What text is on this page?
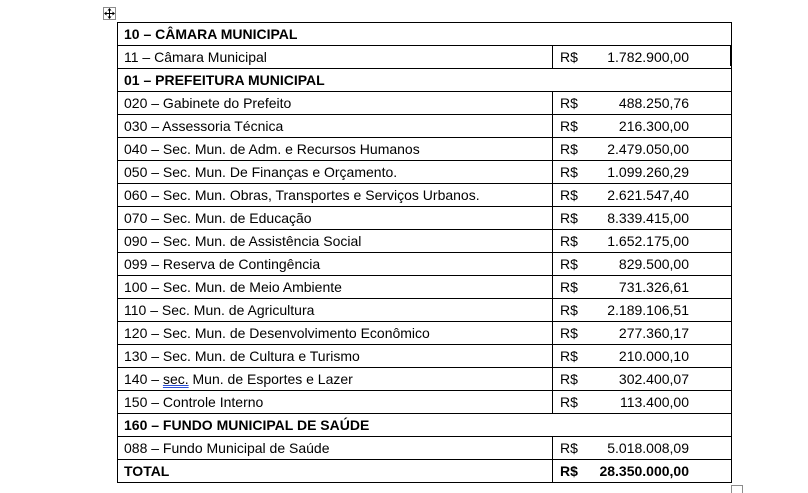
10 – CÂMARA MUNICIPAL	
11 – Câmara Municipal	R$ 1.782.900,00

01 – PREFEITURA MUNICIPAL	
020 – Gabinete do Prefeito	R$ 488.250,76

030 – Assessoria Técnica	R$ 216.300,00

040 – Sec. Mun. de Adm. e Recursos Humanos	R$ 2.479.050,00

050 – Sec. Mun. De Finanças e Orçamento.	R$ 1.099.260,29

060 – Sec. Mun. Obras, Transportes e Serviços Urbanos.	R$ 2.621.547,40

070 – Sec. Mun. de Educação	R$ 8.339.415,00

090 – Sec. Mun. de Assistência Social	R$ 1.652.175,00

099 – Reserva de Contingência	R$ 829.500,00

100 – Sec. Mun. de Meio Ambiente	R$ 731.326,61

110 – Sec. Mun. de Agricultura	R$ 2.189.106,51

120 – Sec. Mun. de Desenvolvimento Econômico	R$ 277.360,17

130 – Sec. Mun. de Cultura e Turismo	R$ 210.000,10

140 – sec. Mun. de Esportes e Lazer	R$ 302.400,07

150 – Controle Interno	R$ 113.400,00

160 – FUNDO MUNICIPAL DE SAÚDE	
088 – Fundo Municipal de Saúde	R$ 5.018.008,09

TOTAL	R$ 28.350.000,00
